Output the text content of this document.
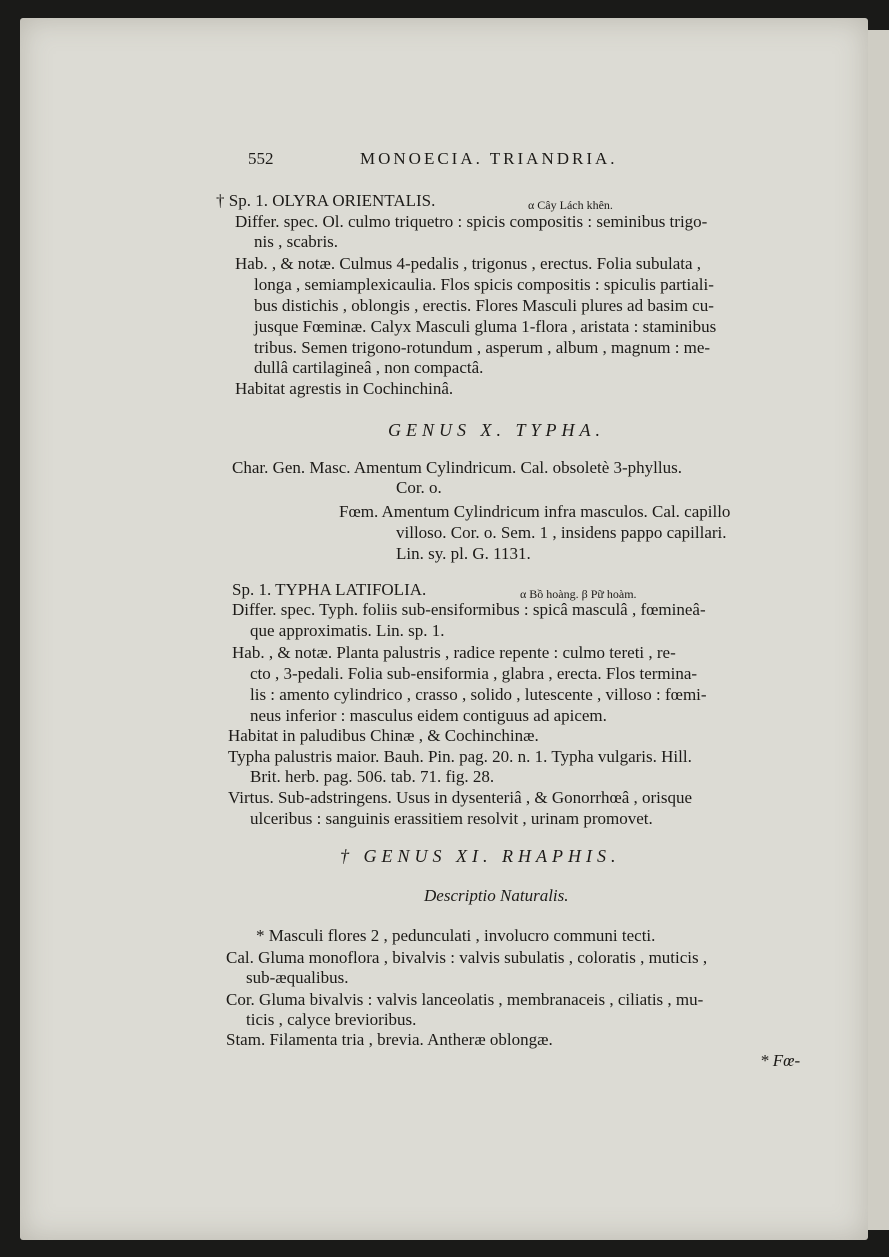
552	MONOECIA. TRIANDRIA.
† Sp. 1. OLYRA ORIENTALIS.	α Cây Lách khên.
Differ. spec. Ol. culmo triquetro : spicis compositis : seminibus trigo-
nis , scabris.
Hab. , & notæ. Culmus 4-pedalis , trigonus , erectus. Folia subulata ,
longa , semiamplexicaulia. Flos spicis compositis : spiculis partiali-
bus distichis , oblongis , erectis. Flores Masculi plures ad basim cu-
jusque Fœminæ. Calyx Masculi gluma 1-flora , aristata : staminibus
tribus. Semen trigono-rotundum , asperum , album , magnum : me-
dullâ cartilagineâ , non compactâ.
Habitat agrestis in Cochinchinâ.
GENUS X. TYPHA.
Char. Gen. Masc. Amentum Cylindricum. Cal. obsoletè 3-phyllus.
Cor. o.
Fœm. Amentum Cylindricum infra masculos. Cal. capillo
villoso. Cor. o. Sem. 1 , insidens pappo capillari.
Lin. sy. pl. G. 1131.
Sp. 1. TYPHA LATIFOLIA.	α Bồ hoàng. β Pữ hoàm.
Differ. spec. Typh. foliis sub-ensiformibus : spicâ masculâ , fœmineâ-
que approximatis. Lin. sp. 1.
Hab. , & notæ. Planta palustris , radice repente : culmo tereti , re-
cto , 3-pedali. Folia sub-ensiformia , glabra , erecta. Flos termina-
lis : amento cylindrico , crasso , solido , lutescente , villoso : fœmi-
neus inferior : masculus eidem contiguus ad apicem.
Habitat in paludibus Chinæ , & Cochinchinæ.
Typha palustris maior. Bauh. Pin. pag. 20. n. 1. Typha vulgaris. Hill.
Brit. herb. pag. 506. tab. 71. fig. 28.
Virtus. Sub-adstringens. Usus in dysenteriâ , & Gonorrhœâ , orisque
ulceribus : sanguinis erassitiem resolvit , urinam promovet.
† GENUS XI. RHAPHIS.
Descriptio Naturalis.
* Masculi flores 2 , pedunculati , involucro communi tecti.
Cal. Gluma monoflora , bivalvis : valvis subulatis , coloratis , muticis ,
sub-æqualibus.
Cor. Gluma bivalvis : valvis lanceolatis , membranaceis , ciliatis , mu-
ticis , calyce brevioribus.
Stam. Filamenta tria , brevia. Antheræ oblongæ.
* Fœ-
